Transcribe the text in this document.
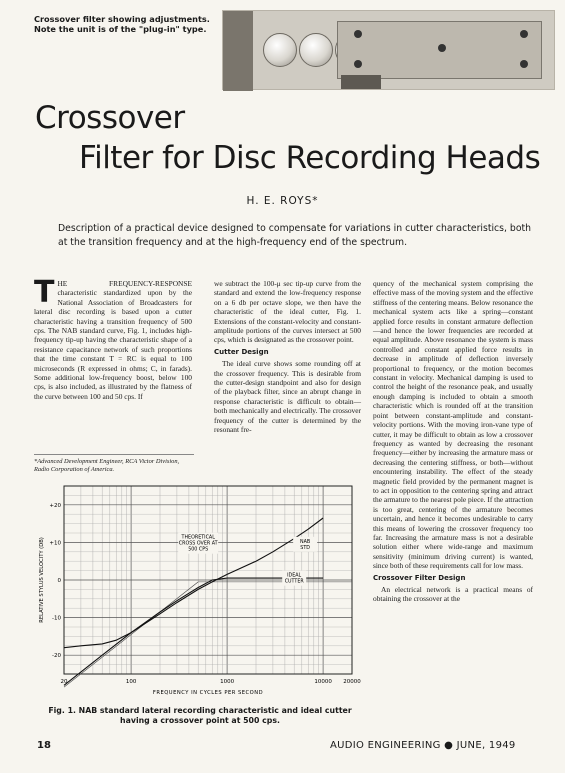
Crossover filter showing adjustments. Note the unit is of the "plug-in" type.
Crossover
Filter for Disc Recording Heads
H. E. ROYS*
Description of a practical device designed to compensate for variations in cutter characteristics, both at the transition frequency and at the high-frequency end of the spectrum.
THE FREQUENCY-RESPONSE characteristic standardized upon by the National Association of Broadcasters for lateral disc recording is based upon a cutter characteristic having a transition frequency of 500 cps. The NAB standard curve, Fig. 1, includes high-frequency tip-up having the characteristic shape of a resistance capacitance network of such proportions that the time constant T = RC is equal to 100 microseconds (R expressed in ohms; C, in farads). Some additional low-frequency boost, below 100 cps, is also included, as illustrated by the flatness of the curve between 100 and 50 cps. If
*Advanced Development Engineer, RCA Victor Division, Radio Corporation of America.

we subtract the 100-μ sec tip-up curve from the standard and extend the low-frequency response on a 6 db per octave slope, we then have the characteristic of the ideal cutter, Fig. 1. Extensions of the constant-velocity and constant-amplitude portions of the curves intersect at 500 cps, which is designated as the crossover point.

Cutter Design

The ideal curve shows some rounding off at the crossover frequency. This is desirable from the cutter-design standpoint and also for design of the playback filter, since an abrupt change in response characteristic is difficult to obtain—both mechanically and electrically. The crossover frequency of the cutter is determined by the resonant fre-

quency of the mechanical system comprising the effective mass of the moving system and the effective stiffness of the centering means. Below resonance the mechanical system acts like a spring—constant applied force results in constant armature deflection—and hence the lower frequencies are recorded at equal amplitude. Above resonance the system is mass controlled and constant applied force results in decrease in amplitude of deflection inversely proportional to frequency, or the motion becomes constant in velocity. Mechanical damping is used to control the height of the resonance peak, and usually enough damping is included to obtain a smooth characteristic which is rounded off at the transition point between constant-amplitude and constant-velocity portions. With the moving iron-vane type of cutter, it may be difficult to obtain as low a crossover frequency as wanted by decreasing the resonant frequency—either by increasing the armature mass or decreasing the centering stiffness, or both—without encountering instability. The effect of the steady magnetic field provided by the permanent magnet is to act in opposition to the centering spring and attract the armature to the nearest pole piece. If the attraction is too great, centering of the armature becomes uncertain, and hence it becomes undesirable to carry this means of lowering the crossover frequency too far. Increasing the armature mass is not a desirable solution either where wide-range and maximum sensitivity (minimum driving current) is wanted, since both of these requirements call for low mass.

Crossover Filter Design

An electrical network is a practical means of obtaining the crossover at the

20	100	1000	10000 20000
+20
+10
0
-10
-20
FREQUENCY IN CYCLES PER SECOND
RELATIVE STYLUS VELOCITY (DB)	THEORETICAL
CROSS OVER AT
500 CPS
NAB
STD
IDEAL
CUTTER
Fig. 1. NAB standard lateral recording characteristic and ideal cutter having a crossover point at 500 cps.
18	AUDIO ENGINEERING ● JUNE, 1949
